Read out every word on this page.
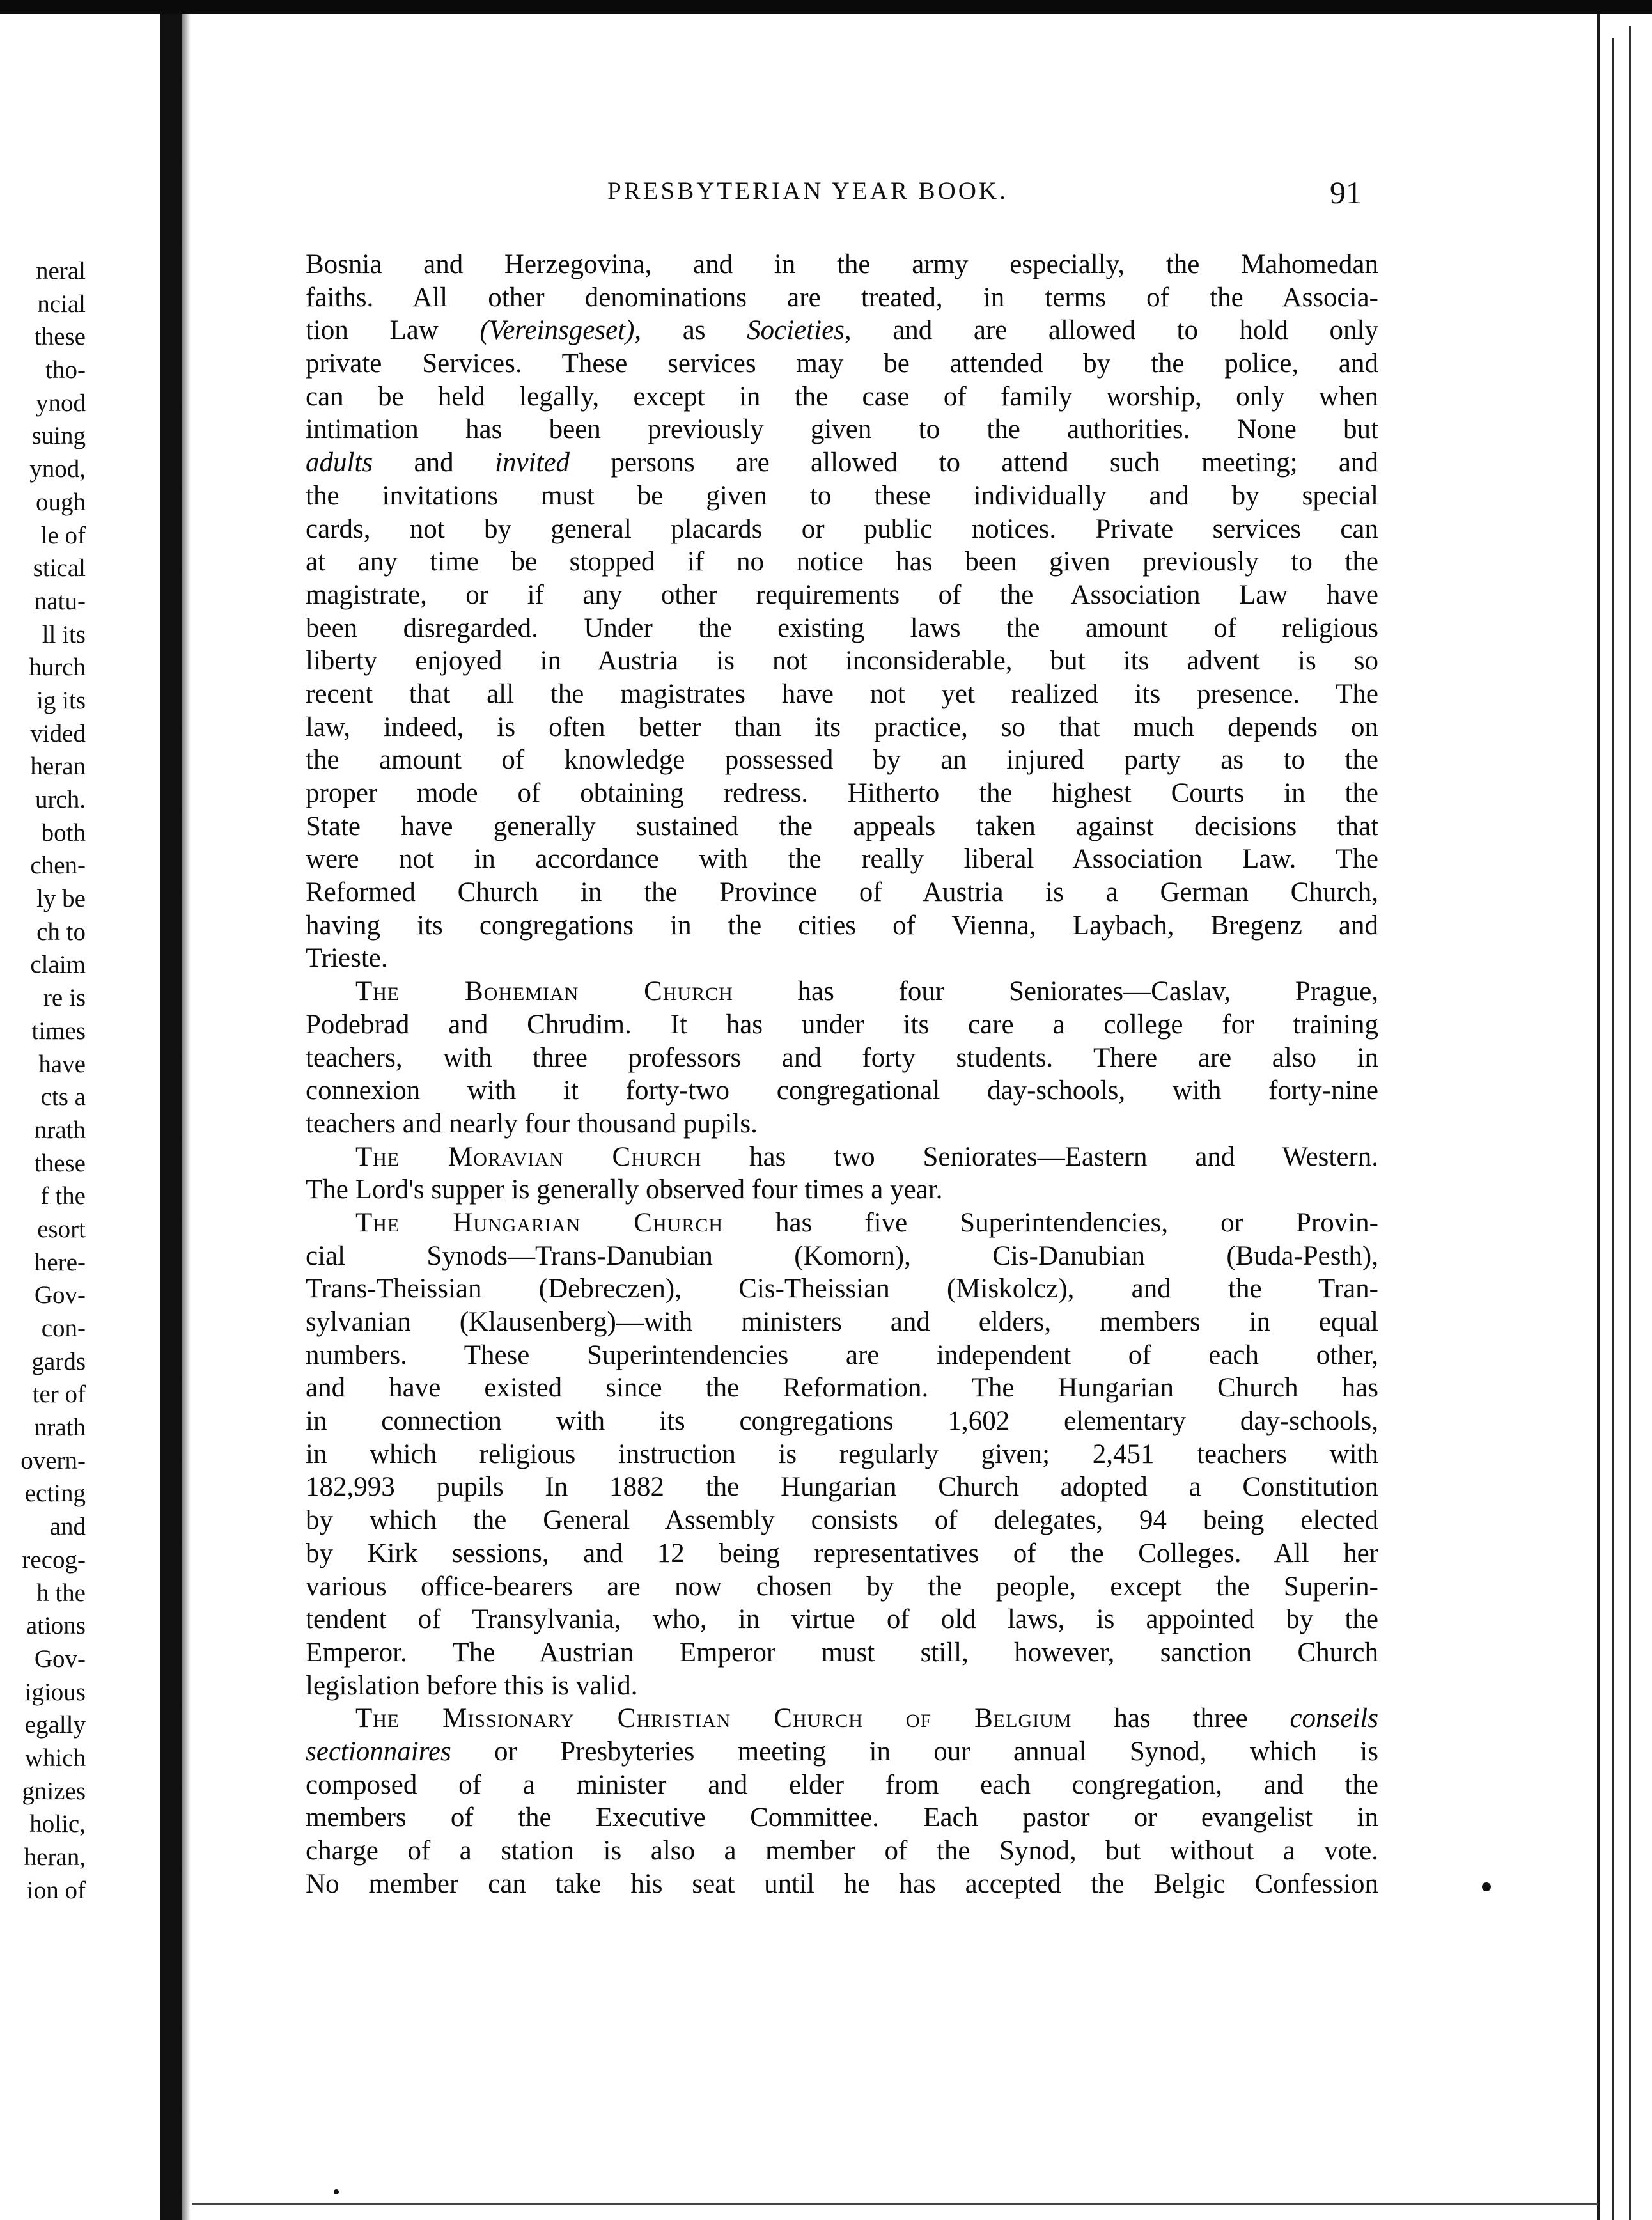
neral
ncial
these
tho-
ynod
suing
ynod,
ough
le of
stical
natu-
ll its
hurch
ig its
vided
heran
urch.
both
chen-
ly be
ch to
claim
re is
times
have
cts a
nrath
these
f the
esort
here-
Gov-
con-
gards
ter of
nrath
overn-
ecting
and
recog-
h the
ations
Gov-
igious
egally
which
gnizes
holic,
heran,
ion of
PRESBYTERIAN YEAR BOOK.	91
Bosnia and Herzegovina, and in the army especially, the Mahomedan
faiths. All other denominations are treated, in terms of the Associa-
tion Law (Vereinsgeset), as Societies, and are allowed to hold only
private Services. These services may be attended by the police, and
can be held legally, except in the case of family worship, only when
intimation has been previously given to the authorities. None but
adults and invited persons are allowed to attend such meeting; and
the invitations must be given to these individually and by special
cards, not by general placards or public notices. Private services can
at any time be stopped if no notice has been given previously to the
magistrate, or if any other requirements of the Association Law have
been disregarded. Under the existing laws the amount of religious
liberty enjoyed in Austria is not inconsiderable, but its advent is so
recent that all the magistrates have not yet realized its presence. The
law, indeed, is often better than its practice, so that much depends on
the amount of knowledge possessed by an injured party as to the
proper mode of obtaining redress. Hitherto the highest Courts in the
State have generally sustained the appeals taken against decisions that
were not in accordance with the really liberal Association Law. The
Reformed Church in the Province of Austria is a German Church,
having its congregations in the cities of Vienna, Laybach, Bregenz and
Trieste.
The Bohemian Church has four Seniorates—Caslav, Prague,
Podebrad and Chrudim. It has under its care a college for training
teachers, with three professors and forty students. There are also in
connexion with it forty-two congregational day-schools, with forty-nine
teachers and nearly four thousand pupils.
The Moravian Church has two Seniorates—Eastern and Western.
The Lord's supper is generally observed four times a year.
The Hungarian Church has five Superintendencies, or Provin-
cial Synods—Trans-Danubian (Komorn), Cis-Danubian (Buda-Pesth),
Trans-Theissian (Debreczen), Cis-Theissian (Miskolcz), and the Tran-
sylvanian (Klausenberg)—with ministers and elders, members in equal
numbers. These Superintendencies are independent of each other,
and have existed since the Reformation. The Hungarian Church has
in connection with its congregations 1,602 elementary day-schools,
in which religious instruction is regularly given; 2,451 teachers with
182,993 pupils In 1882 the Hungarian Church adopted a Constitution
by which the General Assembly consists of delegates, 94 being elected
by Kirk sessions, and 12 being representatives of the Colleges. All her
various office-bearers are now chosen by the people, except the Superin-
tendent of Transylvania, who, in virtue of old laws, is appointed by the
Emperor. The Austrian Emperor must still, however, sanction Church
legislation before this is valid.
The Missionary Christian Church of Belgium has three conseils
sectionnaires or Presbyteries meeting in our annual Synod, which is
composed of a minister and elder from each congregation, and the
members of the Executive Committee. Each pastor or evangelist in
charge of a station is also a member of the Synod, but without a vote.
No member can take his seat until he has accepted the Belgic Confession
